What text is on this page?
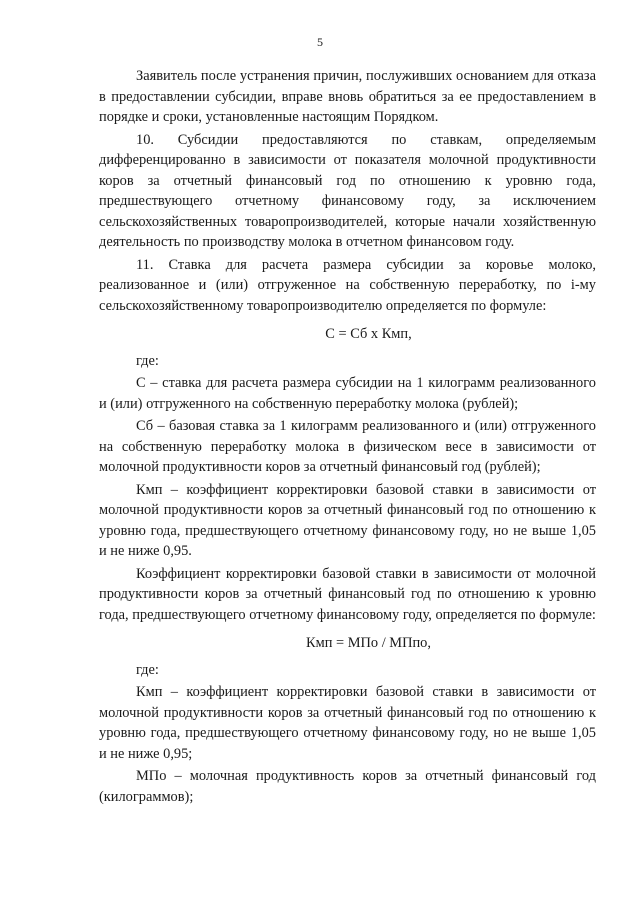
5

Заявитель после устранения причин, послуживших основанием для отказа в предоставлении субсидии, вправе вновь обратиться за ее предоставлением в порядке и сроки, установленные настоящим Порядком.

10. Субсидии предоставляются по ставкам, определяемым дифференцированно в зависимости от показателя молочной продуктивности коров за отчетный финансовый год по отношению к уровню года, предшествующего отчетному финансовому году, за исключением сельскохозяйственных товаропроизводителей, которые начали хозяйственную деятельность по производству молока в отчетном финансовом году.

11. Ставка для расчета размера субсидии за коровье молоко, реализованное и (или) отгруженное на собственную переработку, по i-му сельскохозяйственному товаропроизводителю определяется по формуле:

С = Сб х Кмп,

где:

С – ставка для расчета размера субсидии на 1 килограмм реализованного и (или) отгруженного на собственную переработку молока (рублей);

Сб – базовая ставка за 1 килограмм реализованного и (или) отгруженного на собственную переработку молока в физическом весе в зависимости от молочной продуктивности коров за отчетный финансовый год (рублей);

Кмп – коэффициент корректировки базовой ставки в зависимости от молочной продуктивности коров за отчетный финансовый год по отношению к уровню года, предшествующего отчетному финансовому году, но не выше 1,05 и не ниже 0,95.

Коэффициент корректировки базовой ставки в зависимости от молочной продуктивности коров за отчетный финансовый год по отношению к уровню года, предшествующего отчетному финансовому году, определяется по формуле:

Кмп = МПо / МПпо,

где:

Кмп – коэффициент корректировки базовой ставки в зависимости от молочной продуктивности коров за отчетный финансовый год по отношению к уровню года, предшествующего отчетному финансовому году, но не выше 1,05 и не ниже 0,95;

МПо – молочная продуктивность коров за отчетный финансовый год (килограммов);
